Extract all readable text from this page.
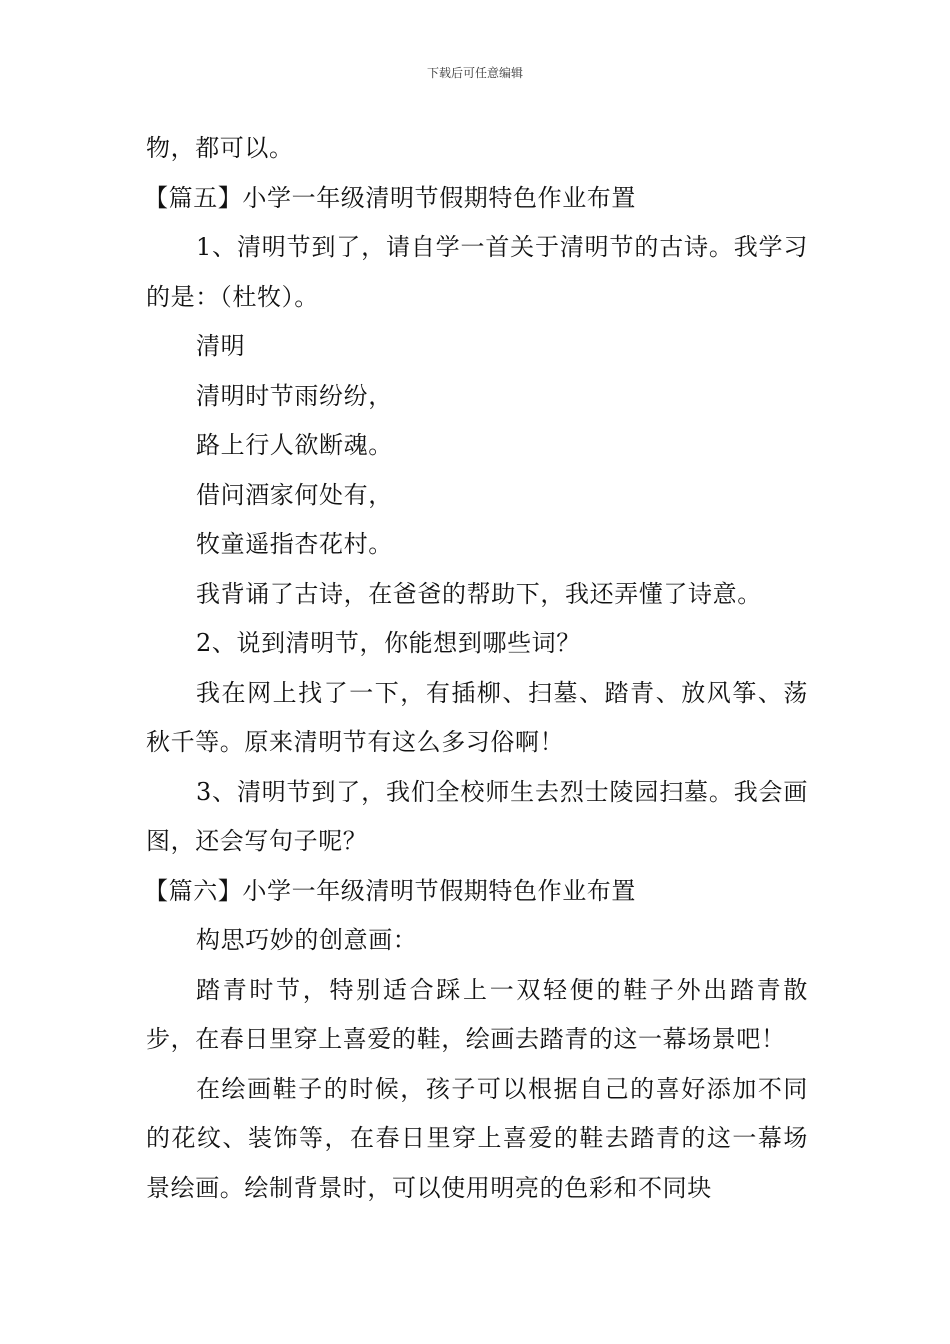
下载后可任意编辑

物，都可以。

【篇五】小学一年级清明节假期特色作业布置

1、清明节到了，请自学一首关于清明节的古诗。我学习的是：（杜牧）。

清明

清明时节雨纷纷，

路上行人欲断魂。

借问酒家何处有，

牧童遥指杏花村。

我背诵了古诗，在爸爸的帮助下，我还弄懂了诗意。

2、说到清明节，你能想到哪些词？

我在网上找了一下，有插柳、扫墓、踏青、放风筝、荡秋千等。原来清明节有这么多习俗啊！

3、清明节到了，我们全校师生去烈士陵园扫墓。我会画图，还会写句子呢？

【篇六】小学一年级清明节假期特色作业布置

构思巧妙的创意画：

踏青时节，特别适合踩上一双轻便的鞋子外出踏青散步，在春日里穿上喜爱的鞋，绘画去踏青的这一幕场景吧！

在绘画鞋子的时候，孩子可以根据自己的喜好添加不同的花纹、装饰等，在春日里穿上喜爱的鞋去踏青的这一幕场景绘画。绘制背景时，可以使用明亮的色彩和不同块
